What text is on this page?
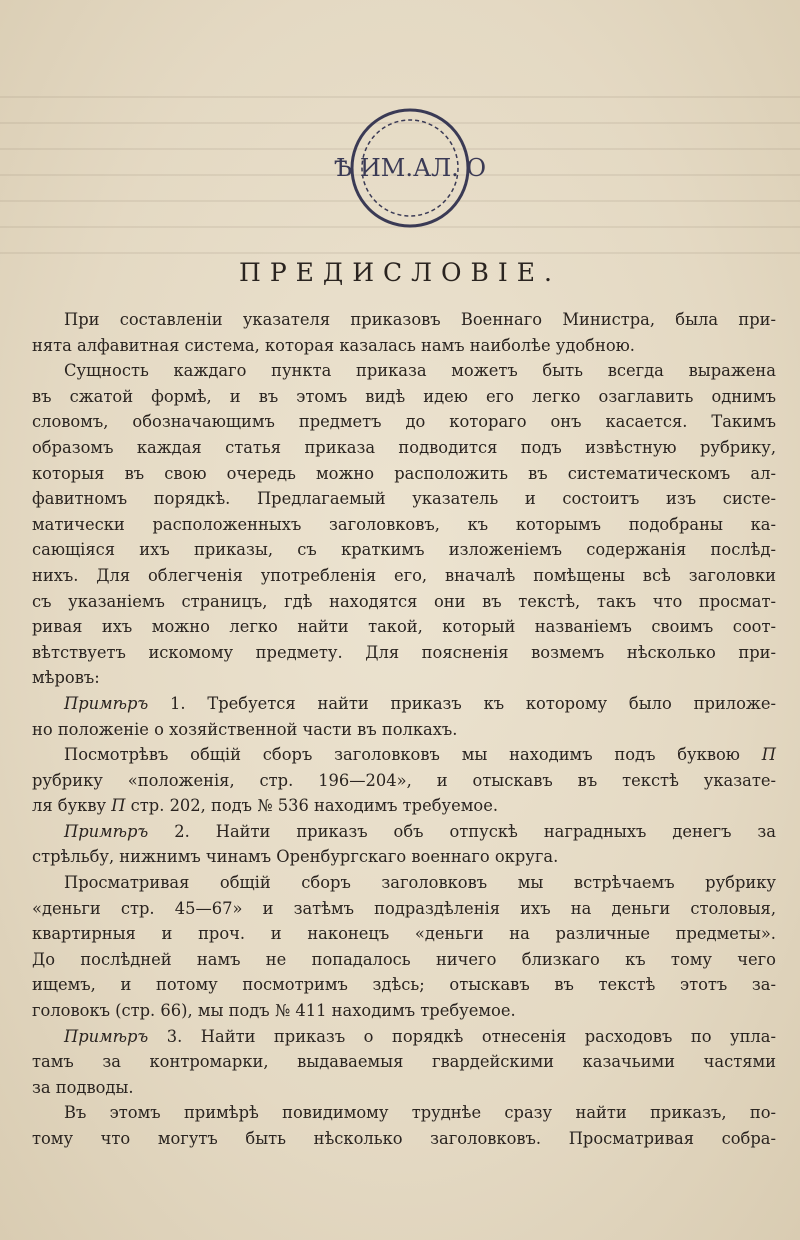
Ѣ ИМ.АЛ. О
ПРЕДИСЛОВІЕ.
При составленіи указателя приказовъ Военнаго Министра, была при-
нята алфавитная система, которая казалась намъ наиболѣе удобною.
Сущность каждаго пункта приказа можетъ быть всегда выражена
въ сжатой формѣ, и въ этомъ видѣ идею его легко озаглавить однимъ
словомъ, обозначающимъ предметъ до котораго онъ касается. Такимъ
образомъ каждая статья приказа подводится подъ извѣстную рубрику,
которыя въ свою очередь можно расположить въ систематическомъ ал-
фавитномъ порядкѣ. Предлагаемый указатель и состоитъ изъ систе-
матически расположенныхъ заголовковъ, къ которымъ подобраны ка-
сающіяся ихъ приказы, съ краткимъ изложеніемъ содержанія послѣд-
нихъ. Для облегченія употребленія его, вначалѣ помѣщены всѣ заголовки
съ указаніемъ страницъ, гдѣ находятся они въ текстѣ, такъ что просмат-
ривая ихъ можно легко найти такой, который названіемъ своимъ соот-
вѣтствуетъ искомому предмету. Для поясненія возмемъ нѣсколько при-
мѣровъ:
Примѣръ 1. Требуется найти приказъ къ которому было приложе-
но положеніе о хозяйственной части въ полкахъ.
Посмотрѣвъ общій сборъ заголовковъ мы находимъ подъ буквою П
рубрику «положенія, стр. 196—204», и отыскавъ въ текстѣ указате-
ля букву П стр. 202, подъ № 536 находимъ требуемое.
Примѣръ 2. Найти приказъ объ отпускѣ наградныхъ денегъ за
стрѣльбу, нижнимъ чинамъ Оренбургскаго военнаго округа.
Просматривая общій сборъ заголовковъ мы встрѣчаемъ рубрику
«деньги стр. 45—67» и затѣмъ подраздѣленія ихъ на деньги столовыя,
квартирныя и проч. и наконецъ «деньги на различные предметы».
До послѣдней намъ не попадалось ничего близкаго къ тому чего
ищемъ, и потому посмотримъ здѣсь; отыскавъ въ текстѣ этотъ за-
головокъ (стр. 66), мы подъ № 411 находимъ требуемое.
Примѣръ 3. Найти приказъ о порядкѣ отнесенія расходовъ по упла-
тамъ за контромарки, выдаваемыя гвардейскими казачьими частями
за подводы.
Въ этомъ примѣрѣ повидимому труднѣе сразу найти приказъ, по-
тому что могутъ быть нѣсколько заголовковъ. Просматривая собра-
